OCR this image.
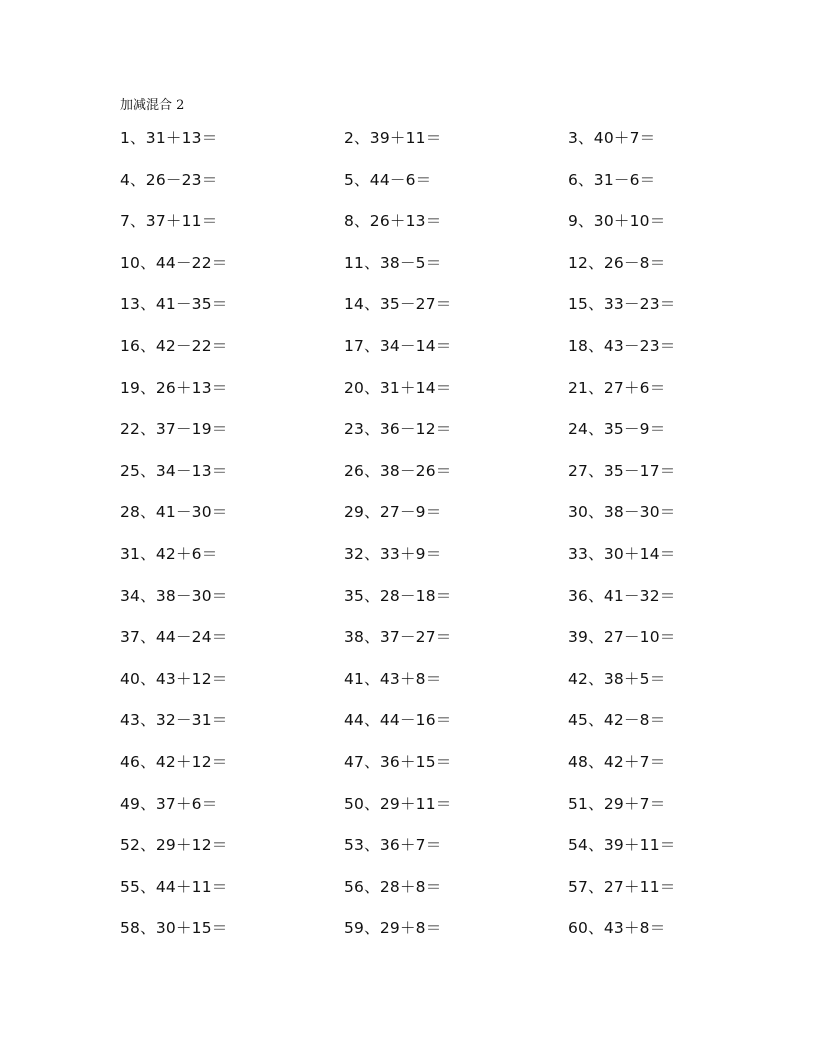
加减混合 2
1、31＋13＝	2、39＋11＝	3、40＋7＝
4、26－23＝	5、44－6＝	6、31－6＝
7、37＋11＝	8、26＋13＝	9、30＋10＝
10、44－22＝	11、38－5＝	12、26－8＝
13、41－35＝	14、35－27＝	15、33－23＝
16、42－22＝	17、34－14＝	18、43－23＝
19、26＋13＝	20、31＋14＝	21、27＋6＝
22、37－19＝	23、36－12＝	24、35－9＝
25、34－13＝	26、38－26＝	27、35－17＝
28、41－30＝	29、27－9＝	30、38－30＝
31、42＋6＝	32、33＋9＝	33、30＋14＝
34、38－30＝	35、28－18＝	36、41－32＝
37、44－24＝	38、37－27＝	39、27－10＝
40、43＋12＝	41、43＋8＝	42、38＋5＝
43、32－31＝	44、44－16＝	45、42－8＝
46、42＋12＝	47、36＋15＝	48、42＋7＝
49、37＋6＝	50、29＋11＝	51、29＋7＝
52、29＋12＝	53、36＋7＝	54、39＋11＝
55、44＋11＝	56、28＋8＝	57、27＋11＝
58、30＋15＝	59、29＋8＝	60、43＋8＝
